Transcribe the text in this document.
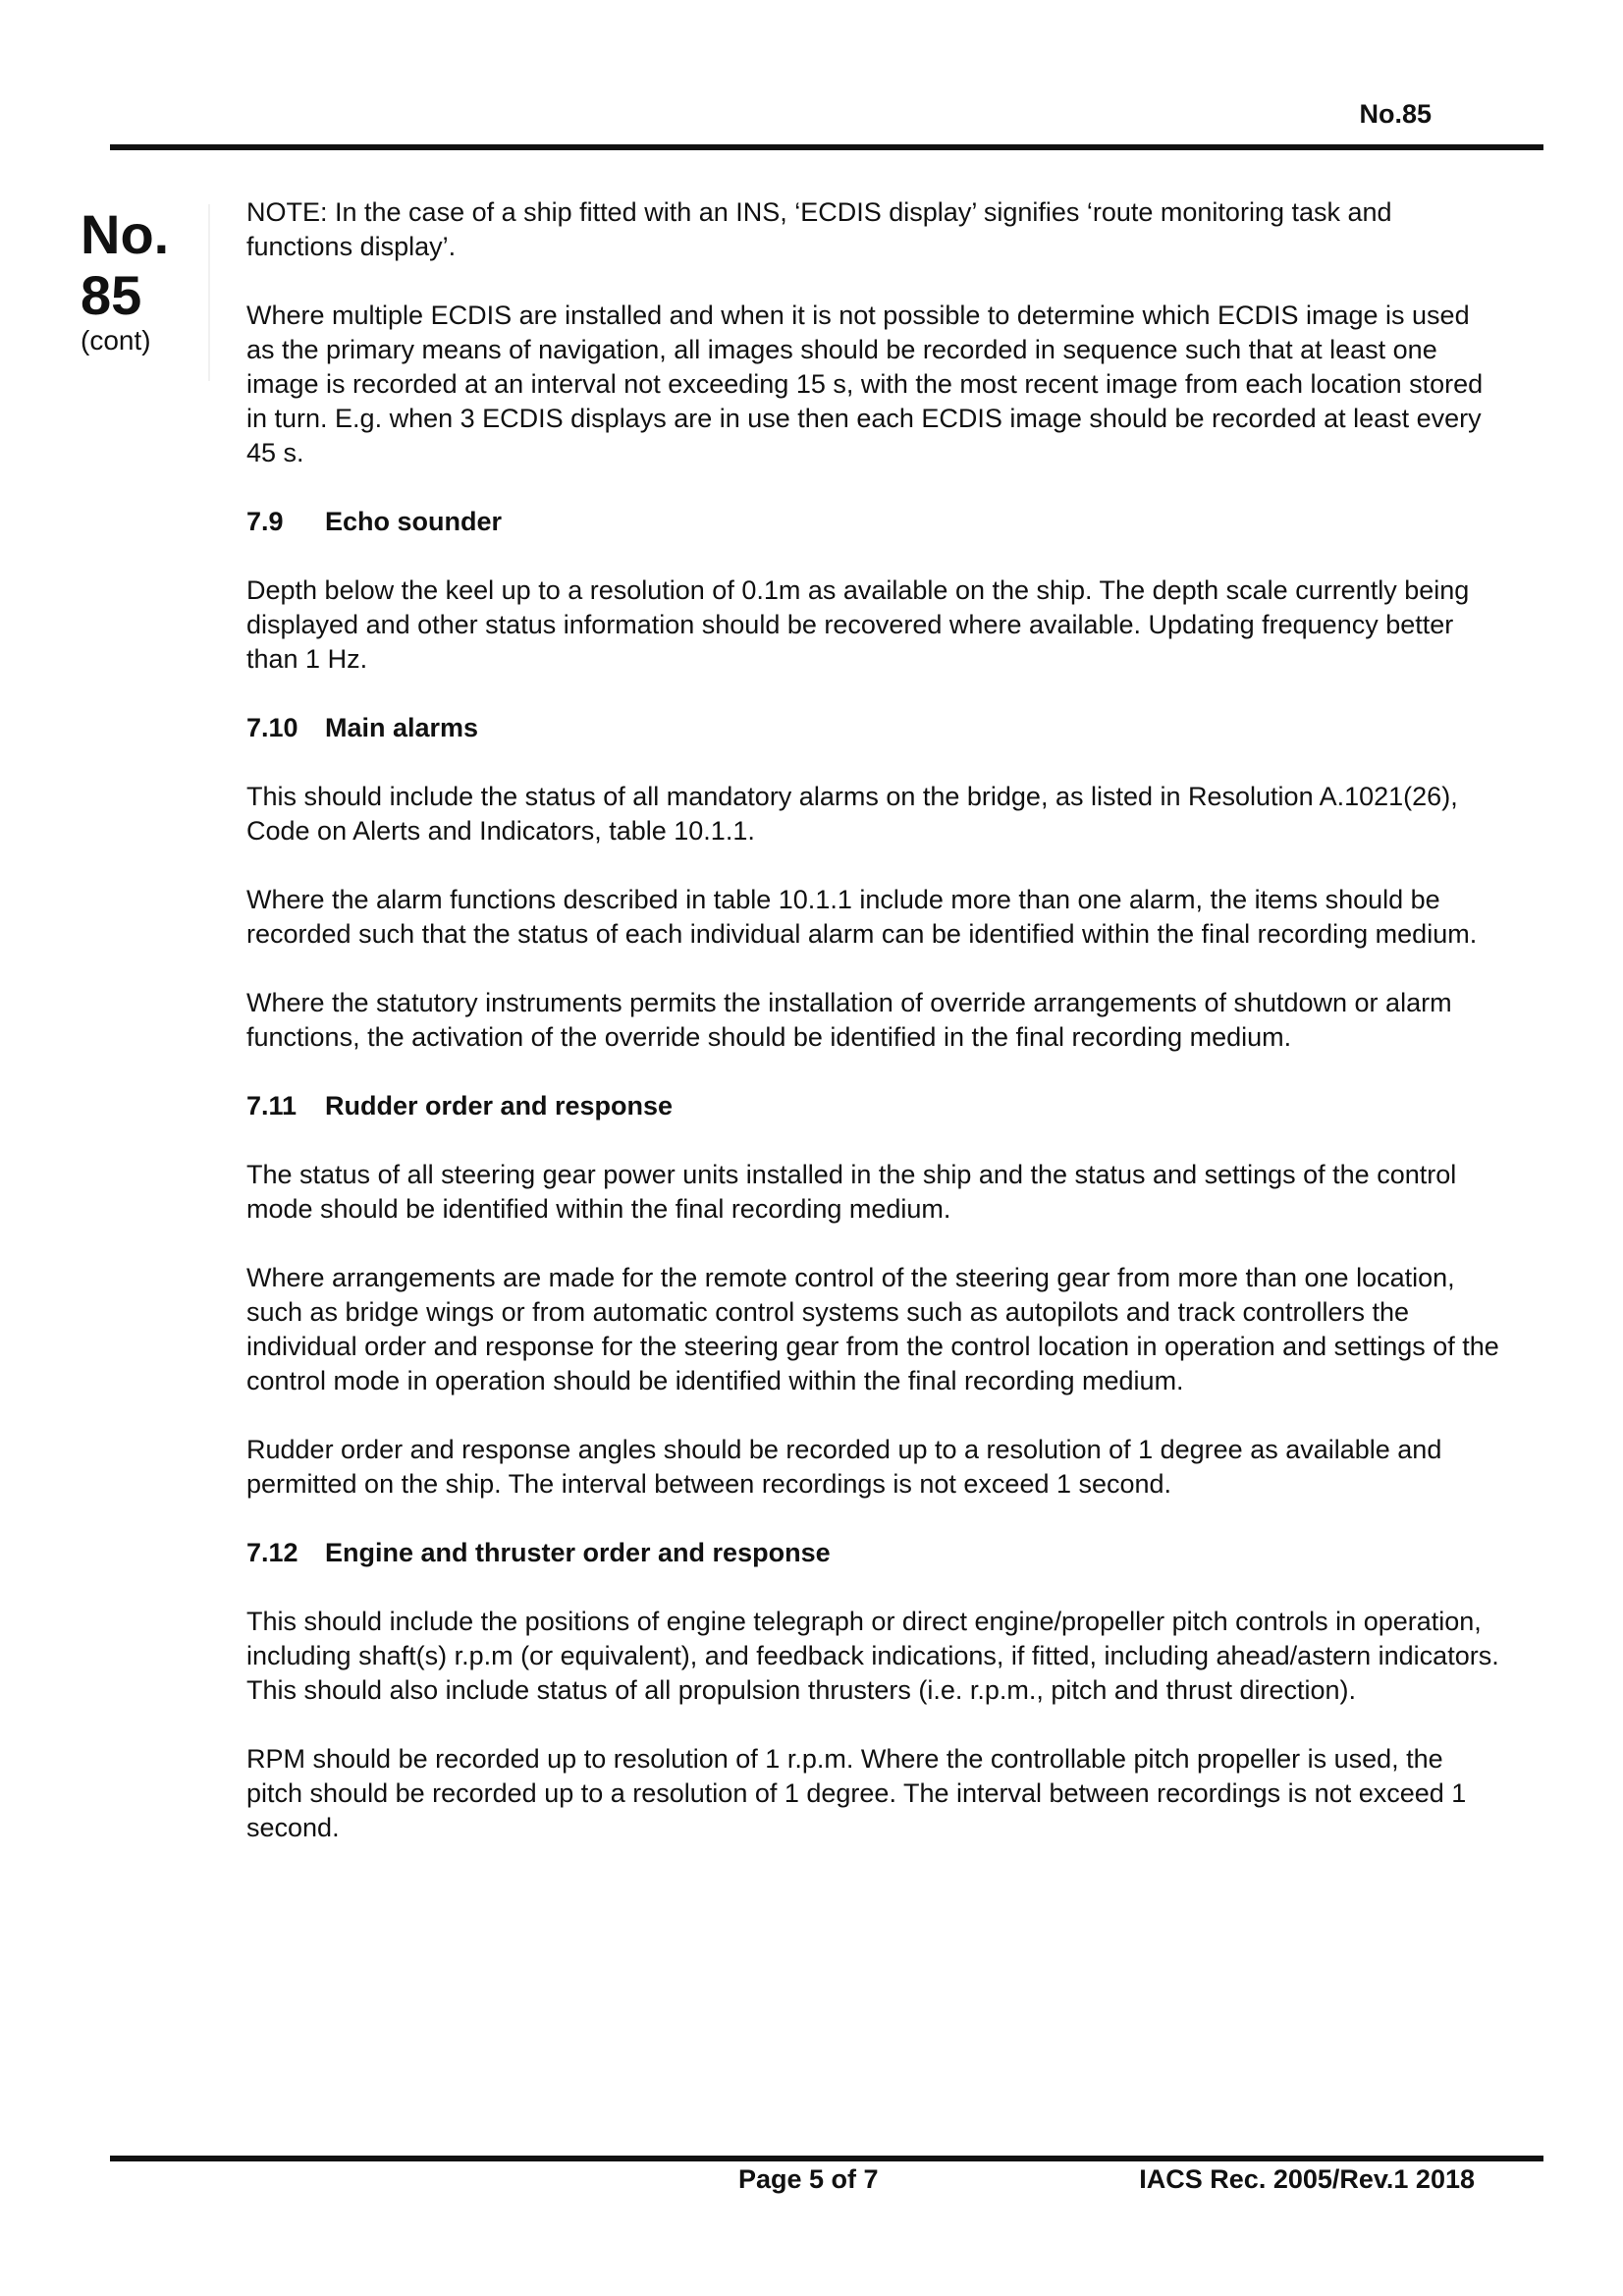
No.85
No.
85
(cont)

NOTE: In the case of a ship fitted with an INS, ‘ECDIS display’ signifies ‘route monitoring task and functions display’.

Where multiple ECDIS are installed and when it is not possible to determine which ECDIS image is used as the primary means of navigation, all images should be recorded in sequence such that at least one image is recorded at an interval not exceeding 15 s, with the most recent image from each location stored in turn. E.g. when 3 ECDIS displays are in use then each ECDIS image should be recorded at least every 45 s.

7.9 Echo sounder

Depth below the keel up to a resolution of 0.1m as available on the ship. The depth scale currently being displayed and other status information should be recovered where available. Updating frequency better than 1 Hz.

7.10 Main alarms

This should include the status of all mandatory alarms on the bridge, as listed in Resolution A.1021(26), Code on Alerts and Indicators, table 10.1.1.

Where the alarm functions described in table 10.1.1 include more than one alarm, the items should be recorded such that the status of each individual alarm can be identified within the final recording medium.

Where the statutory instruments permits the installation of override arrangements of shutdown or alarm functions, the activation of the override should be identified in the final recording medium.

7.11 Rudder order and response

The status of all steering gear power units installed in the ship and the status and settings of the control mode should be identified within the final recording medium.

Where arrangements are made for the remote control of the steering gear from more than one location, such as bridge wings or from automatic control systems such as autopilots and track controllers the individual order and response for the steering gear from the control location in operation and settings of the control mode in operation should be identified within the final recording medium.

Rudder order and response angles should be recorded up to a resolution of 1 degree as available and permitted on the ship. The interval between recordings is not exceed 1 second.

7.12 Engine and thruster order and response

This should include the positions of engine telegraph or direct engine/propeller pitch controls in operation, including shaft(s) r.p.m (or equivalent), and feedback indications, if fitted, including ahead/astern indicators. This should also include status of all propulsion thrusters (i.e. r.p.m., pitch and thrust direction).

RPM should be recorded up to resolution of 1 r.p.m. Where the controllable pitch propeller is used, the pitch should be recorded up to a resolution of 1 degree. The interval between recordings is not exceed 1 second.

Page 5 of 7	IACS Rec. 2005/Rev.1 2018
